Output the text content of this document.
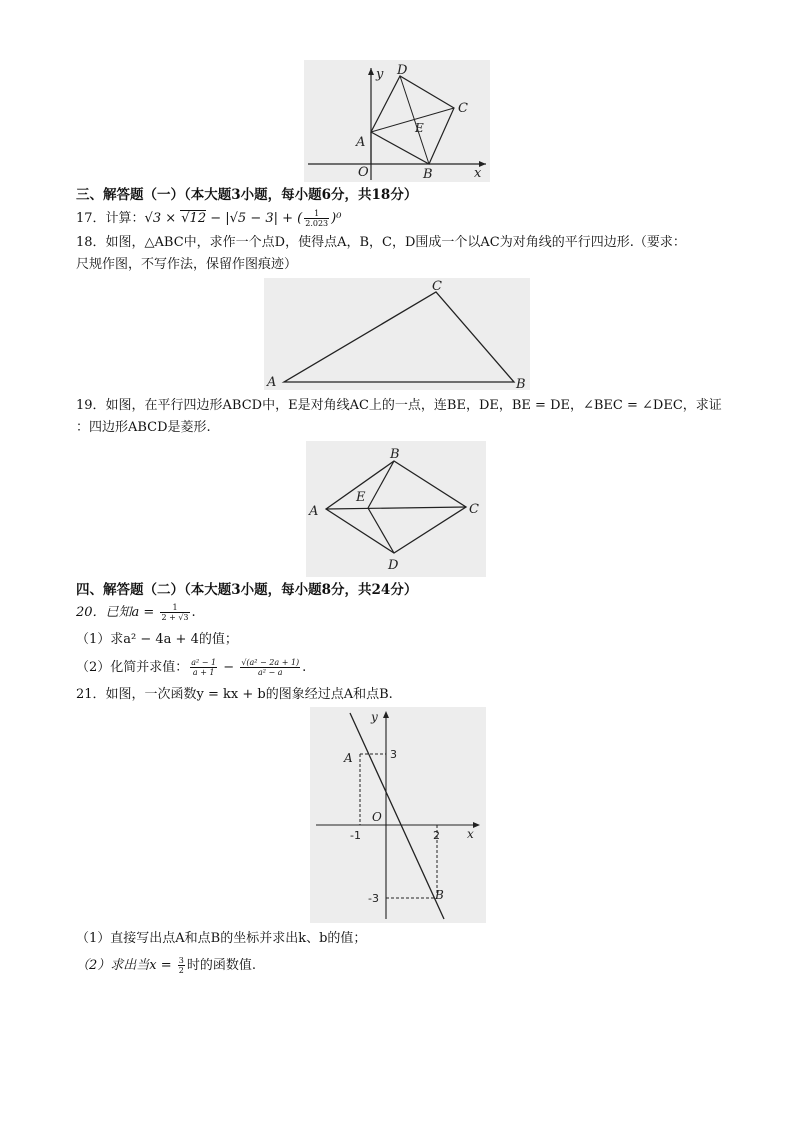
y
x
O
A
B
C
D
E
三、解答题（一）（本大题3小题，每小题6分，共18分）
17．计算：√3 × √12 − |√5 − 3| + ( $\frac{1}{2.023} )^0$
18．如图，△ABC中，求作一个点D，使得点A，B，C，D围成一个以AC为对角线的平行四边形.（要求：
尺规作图，不写作法，保留作图痕迹）
A	B
C
19．如图，在平行四边形ABCD中，E是对角线AC上的一点，连BE，DE，BE = DE，∠BEC = ∠DEC，求证
：四边形ABCD是菱形.
A
B
C
D
E
四、解答题（二）（本大题3小题，每小题8分，共24分）
20．已知$a = \frac{1}{2 + √3}$ .
（1）求a² − 4a + 4的值；
（2）化简并求值： $\frac{\text{a² − 1}}{a + 1} - \frac{\text{√(a² − 2a + 1)}}{\text{a² − a}}$ .
21．如图，一次函数y = kx + b的图象经过点A和点B.
y
x
O
A
B
3
-3
-1	2
（1）直接写出点A和点B的坐标并求出k、b的值；
（2）求出当$x = \frac{3}{2}$ 时的函数值.
